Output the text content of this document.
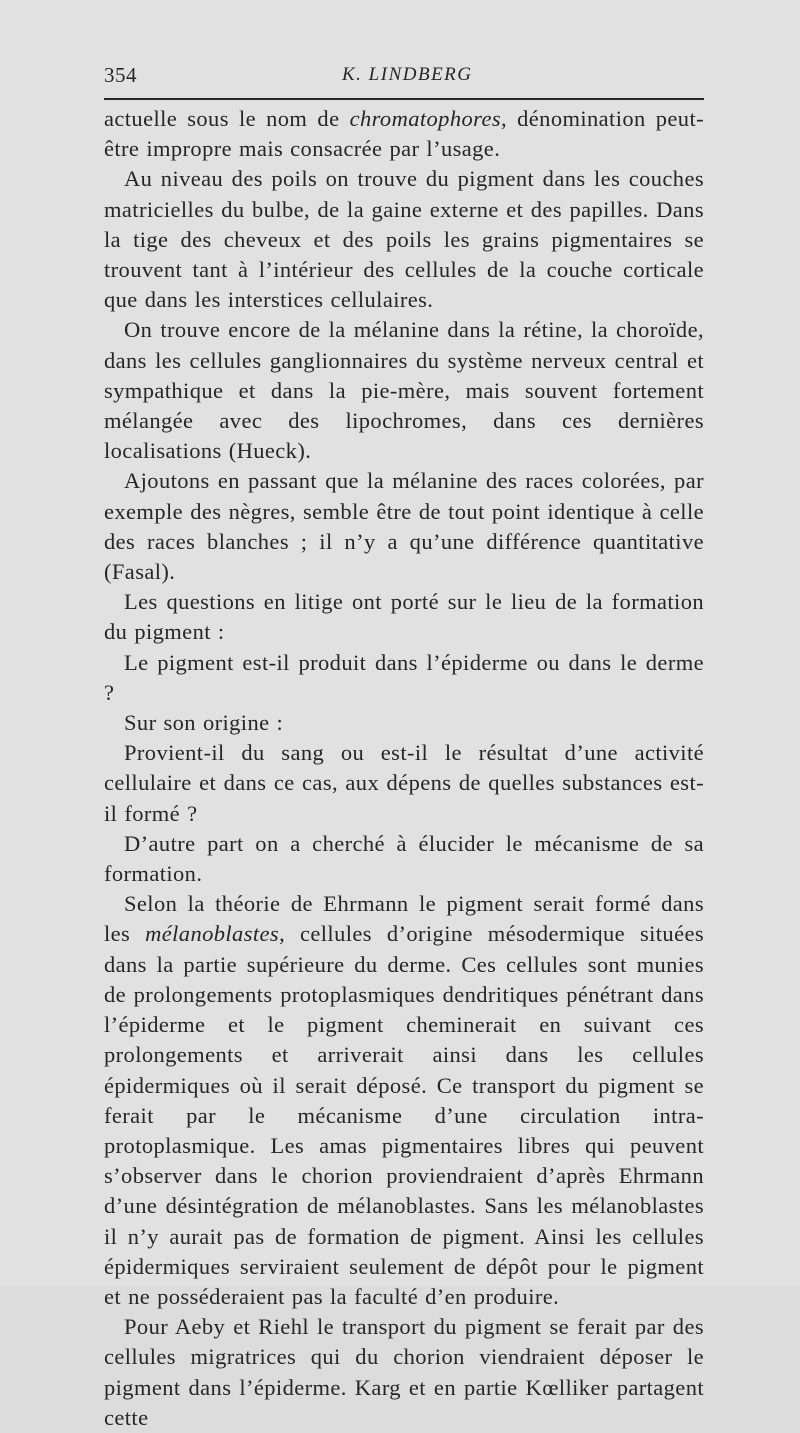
354	K. LINDBERG

actuelle sous le nom de chromatophores, dénomination peut-être impropre mais consacrée par l’usage.

Au niveau des poils on trouve du pigment dans les couches matricielles du bulbe, de la gaine externe et des papilles. Dans la tige des cheveux et des poils les grains pigmentaires se trouvent tant à l’intérieur des cellules de la couche corticale que dans les interstices cellulaires.

On trouve encore de la mélanine dans la rétine, la choroïde, dans les cellules ganglionnaires du système nerveux central et sympathique et dans la pie-mère, mais souvent fortement mélangée avec des lipochromes, dans ces dernières localisations (Hueck).

Ajoutons en passant que la mélanine des races colorées, par exemple des nègres, semble être de tout point identique à celle des races blanches ; il n’y a qu’une différence quantitative (Fasal).

Les questions en litige ont porté sur le lieu de la formation du pigment :

Le pigment est-il produit dans l’épiderme ou dans le derme ?

Sur son origine :

Provient-il du sang ou est-il le résultat d’une activité cellulaire et dans ce cas, aux dépens de quelles substances est-il formé ?

D’autre part on a cherché à élucider le mécanisme de sa formation.

Selon la théorie de Ehrmann le pigment serait formé dans les mélanoblastes, cellules d’origine mésodermique situées dans la partie supérieure du derme. Ces cellules sont munies de prolongements protoplasmiques dendritiques pénétrant dans l’épiderme et le pigment cheminerait en suivant ces prolongements et arriverait ainsi dans les cellules épidermiques où il serait déposé. Ce transport du pigment se ferait par le mécanisme d’une circulation intra-protoplasmique. Les amas pigmentaires libres qui peuvent s’observer dans le chorion proviendraient d’après Ehrmann d’une désintégration de mélanoblastes. Sans les mélanoblastes il n’y aurait pas de formation de pigment. Ainsi les cellules épidermiques serviraient seulement de dépôt pour le pigment et ne posséderaient pas la faculté d’en produire.

Pour Aeby et Riehl le transport du pigment se ferait par des cellules migratrices qui du chorion viendraient déposer le pigment dans l’épiderme. Karg et en partie Kœlliker partagent cette
